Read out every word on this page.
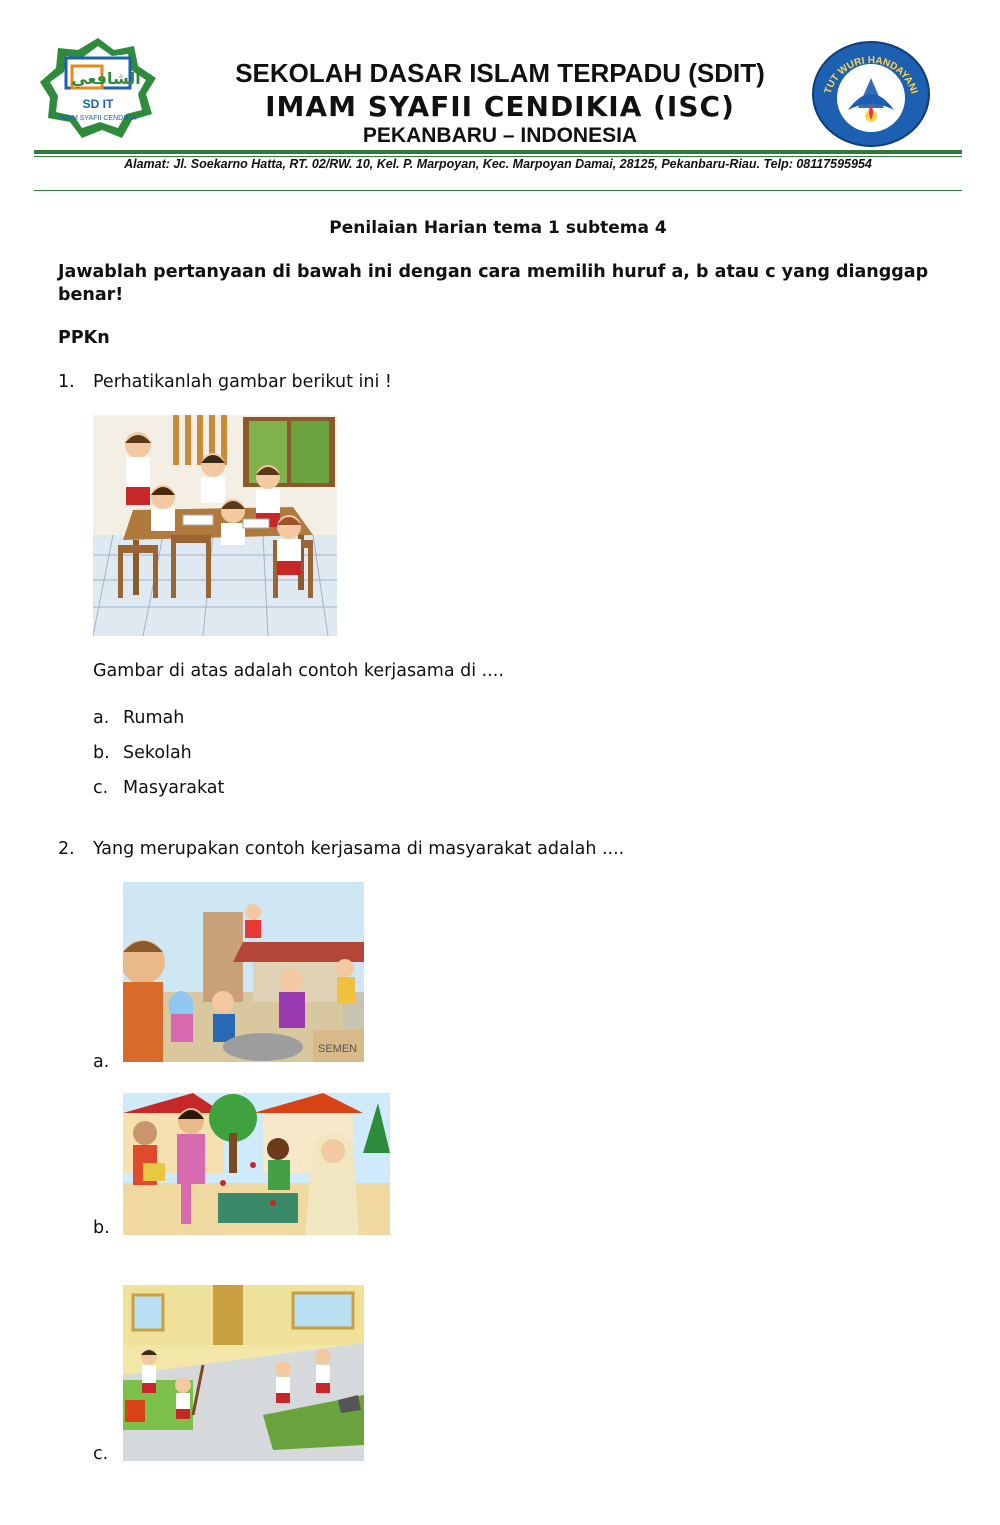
الشافعي
SD IT
IMAM SYAFII CENDIKIA
SEKOLAH DASAR ISLAM TERPADU (SDIT)
IMAM SYAFII CENDIKIA (ISC)
PEKANBARU – INDONESIA
TUT WURI HANDAYANI
Alamat: Jl. Soekarno Hatta, RT. 02/RW. 10, Kel. P. Marpoyan, Kec. Marpoyan Damai, 28125, Pekanbaru-Riau. Telp: 08117595954
Penilaian Harian tema 1 subtema 4
Jawablah pertanyaan di bawah ini dengan cara memilih huruf a, b atau c yang dianggap benar!
PPKn
1. Perhatikanlah gambar berikut ini !
Gambar di atas adalah contoh kerjasama di ....
a. Rumah
b. Sekolah
c. Masyarakat
2. Yang merupakan contoh kerjasama di masyarakat adalah ....
SEMEN
a.
b.
c.
